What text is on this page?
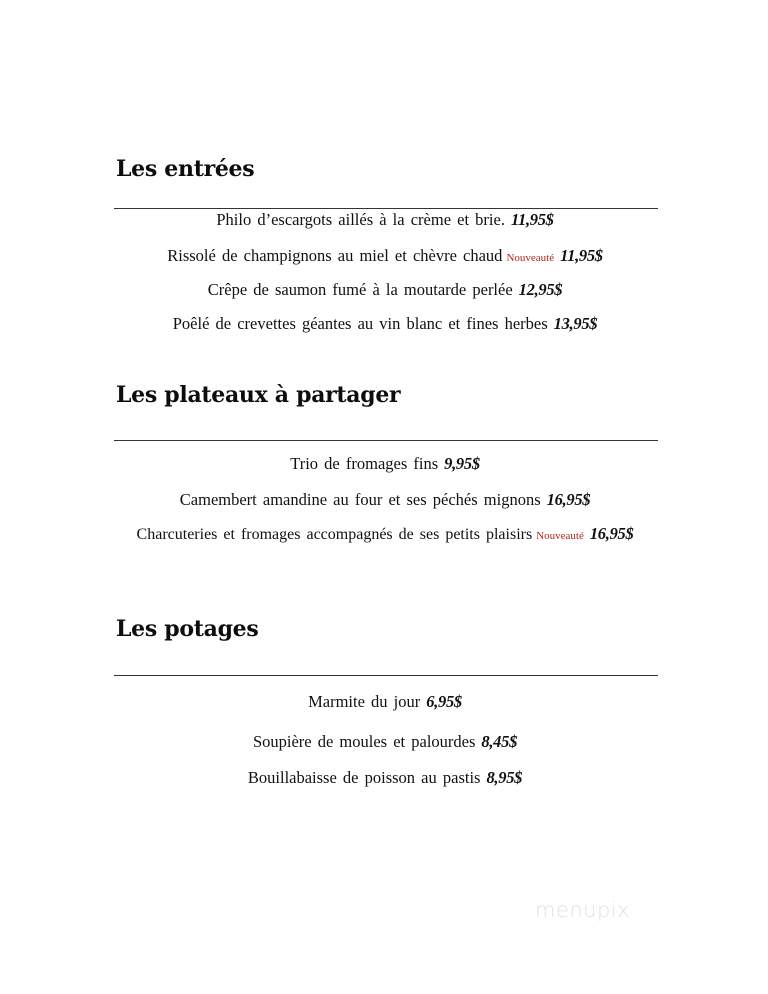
Les entrées
Philo d’escargots aillés à la crème et brie. 11,95$
Rissolé de champignons au miel et chèvre chaud Nouveauté 11,95$
Crêpe de saumon fumé à la moutarde perlée 12,95$
Poêlé de crevettes géantes au vin blanc et fines herbes 13,95$
Les plateaux à partager
Trio de fromages fins 9,95$
Camembert amandine au four et ses péchés mignons 16,95$
Charcuteries et fromages accompagnés de ses petits plaisirs Nouveauté 16,95$
Les potages
Marmite du jour 6,95$
Soupière de moules et palourdes 8,45$
Bouillabaisse de poisson au pastis 8,95$
menupix
